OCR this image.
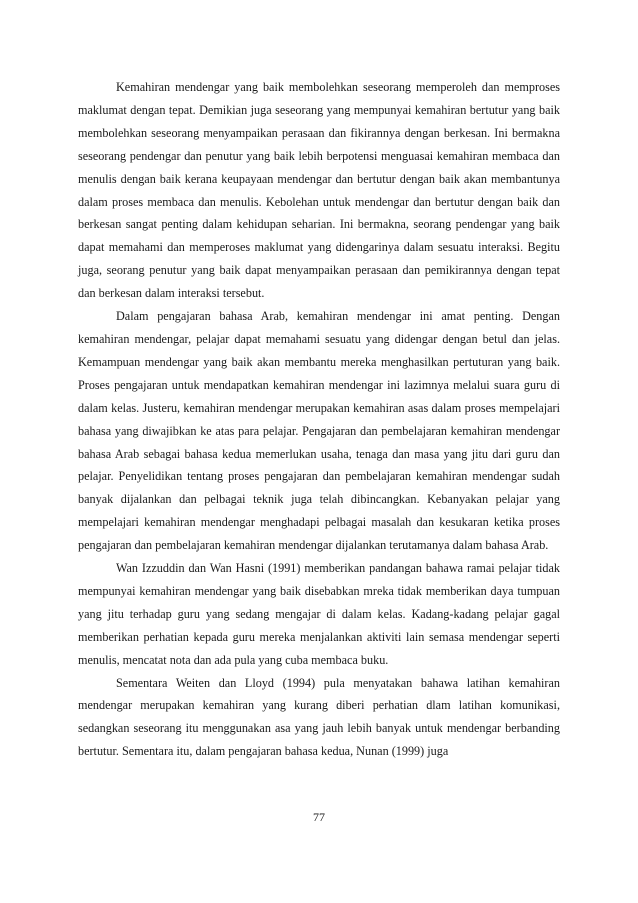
Kemahiran mendengar yang baik membolehkan seseorang memperoleh dan memproses maklumat dengan tepat. Demikian juga seseorang yang mempunyai kemahiran bertutur yang baik membolehkan seseorang menyampaikan perasaan dan fikirannya dengan berkesan. Ini bermakna seseorang pendengar dan penutur yang baik lebih berpotensi menguasai kemahiran membaca dan menulis dengan baik kerana keupayaan mendengar dan bertutur dengan baik akan membantunya dalam proses membaca dan menulis. Kebolehan untuk mendengar dan bertutur dengan baik dan berkesan sangat penting dalam kehidupan seharian. Ini bermakna, seorang pendengar yang baik dapat memahami dan memperoses maklumat yang didengarinya dalam sesuatu interaksi. Begitu juga, seorang penutur yang baik dapat menyampaikan perasaan dan pemikirannya dengan tepat dan berkesan dalam interaksi tersebut.

Dalam pengajaran bahasa Arab, kemahiran mendengar ini amat penting. Dengan kemahiran mendengar, pelajar dapat memahami sesuatu yang didengar dengan betul dan jelas. Kemampuan mendengar yang baik akan membantu mereka menghasilkan pertuturan yang baik. Proses pengajaran untuk mendapatkan kemahiran mendengar ini lazimnya melalui suara guru di dalam kelas. Justeru, kemahiran mendengar merupakan kemahiran asas dalam proses mempelajari bahasa yang diwajibkan ke atas para pelajar. Pengajaran dan pembelajaran kemahiran mendengar bahasa Arab sebagai bahasa kedua memerlukan usaha, tenaga dan masa yang jitu dari guru dan pelajar. Penyelidikan tentang proses pengajaran dan pembelajaran kemahiran mendengar sudah banyak dijalankan dan pelbagai teknik juga telah dibincangkan. Kebanyakan pelajar yang mempelajari kemahiran mendengar menghadapi pelbagai masalah dan kesukaran ketika proses pengajaran dan pembelajaran kemahiran mendengar dijalankan terutamanya dalam bahasa Arab.

Wan Izzuddin dan Wan Hasni (1991) memberikan pandangan bahawa ramai pelajar tidak mempunyai kemahiran mendengar yang baik disebabkan mreka tidak memberikan daya tumpuan yang jitu terhadap guru yang sedang mengajar di dalam kelas. Kadang-kadang pelajar gagal memberikan perhatian kepada guru mereka menjalankan aktiviti lain semasa mendengar seperti menulis, mencatat nota dan ada pula yang cuba membaca buku.

Sementara Weiten dan Lloyd (1994) pula menyatakan bahawa latihan kemahiran mendengar merupakan kemahiran yang kurang diberi perhatian dlam latihan komunikasi, sedangkan seseorang itu menggunakan asa yang jauh lebih banyak untuk mendengar berbanding bertutur. Sementara itu, dalam pengajaran bahasa kedua, Nunan (1999) juga

77
